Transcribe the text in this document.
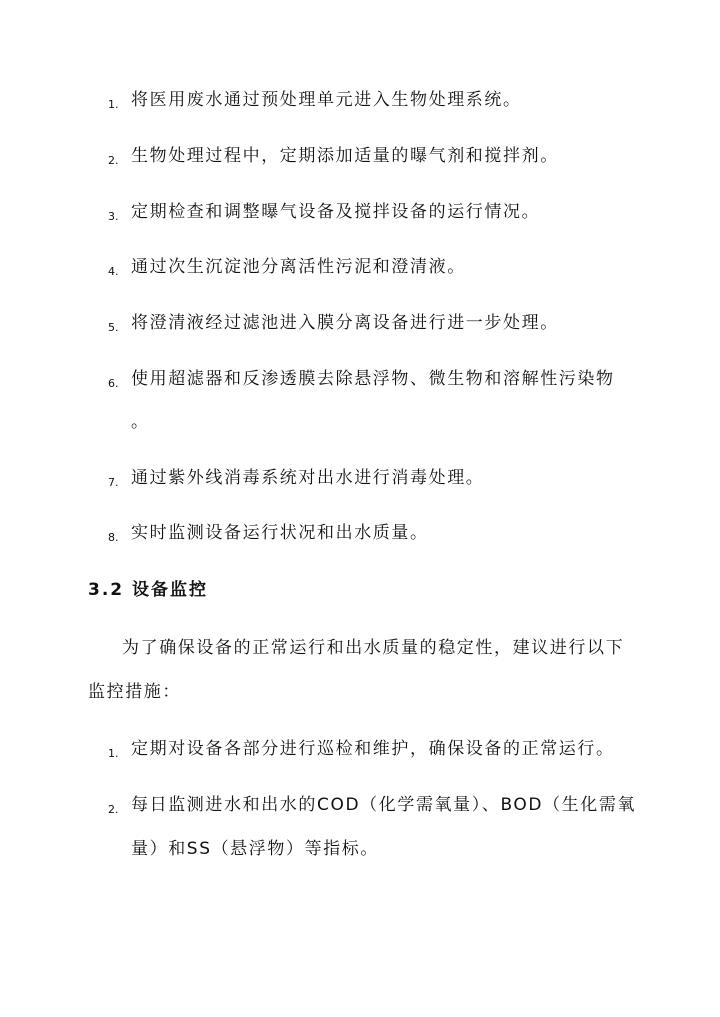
1. 将医用废水通过预处理单元进入生物处理系统。
2. 生物处理过程中，定期添加适量的曝气剂和搅拌剂。
3. 定期检查和调整曝气设备及搅拌设备的运行情况。
4. 通过次生沉淀池分离活性污泥和澄清液。
5. 将澄清液经过滤池进入膜分离设备进行进一步处理。
6. 使用超滤器和反渗透膜去除悬浮物、微生物和溶解性污染物
。
7. 通过紫外线消毒系统对出水进行消毒处理。
8. 实时监测设备运行状况和出水质量。
3.2 设备监控
为了确保设备的正常运行和出水质量的稳定性，建议进行以下
监控措施：
1. 定期对设备各部分进行巡检和维护，确保设备的正常运行。
2. 每日监测进水和出水的COD（化学需氧量）、BOD（生化需氧
量）和SS（悬浮物）等指标。
